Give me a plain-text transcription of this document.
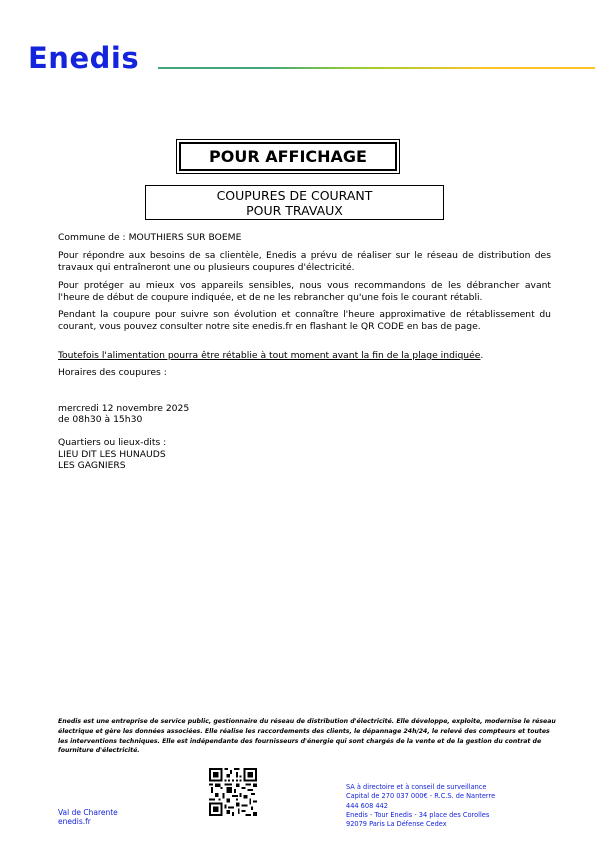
Enedis
POUR AFFICHAGE
COUPURES DE COURANT
POUR TRAVAUX
Commune de : MOUTHIERS SUR BOEME
Pour répondre aux besoins de sa clientèle, Enedis a prévu de réaliser sur le réseau de distribution des travaux qui entraîneront une ou plusieurs coupures d'électricité.
Pour protéger au mieux vos appareils sensibles, nous vous recommandons de les débrancher avant l'heure de début de coupure indiquée, et de ne les rebrancher qu'une fois le courant rétabli.
Pendant la coupure pour suivre son évolution et connaître l'heure approximative de rétablissement du courant, vous pouvez consulter notre site enedis.fr en flashant le QR CODE en bas de page.
Toutefois l'alimentation pourra être rétablie à tout moment avant la fin de la plage indiquée.
Horaires des coupures :
mercredi 12 novembre 2025
de 08h30 à 15h30
Quartiers ou lieux-dits :
LIEU DIT LES HUNAUDS
LES GAGNIERS
Enedis est une entreprise de service public, gestionnaire du réseau de distribution d'électricité. Elle développe, exploite, modernise le réseau électrique et gère les données associées. Elle réalise les raccordements des clients, le dépannage 24h/24, le relevé des compteurs et toutes les interventions techniques. Elle est indépendante des fournisseurs d'énergie qui sont chargés de la vente et de la gestion du contrat de fourniture d'électricité.
Val de Charente
enedis.fr
SA à directoire et à conseil de surveillance
Capital de 270 037 000€ - R.C.S. de Nanterre
444 608 442
Enedis - Tour Enedis - 34 place des Corolles
92079 Paris La Défense Cedex
